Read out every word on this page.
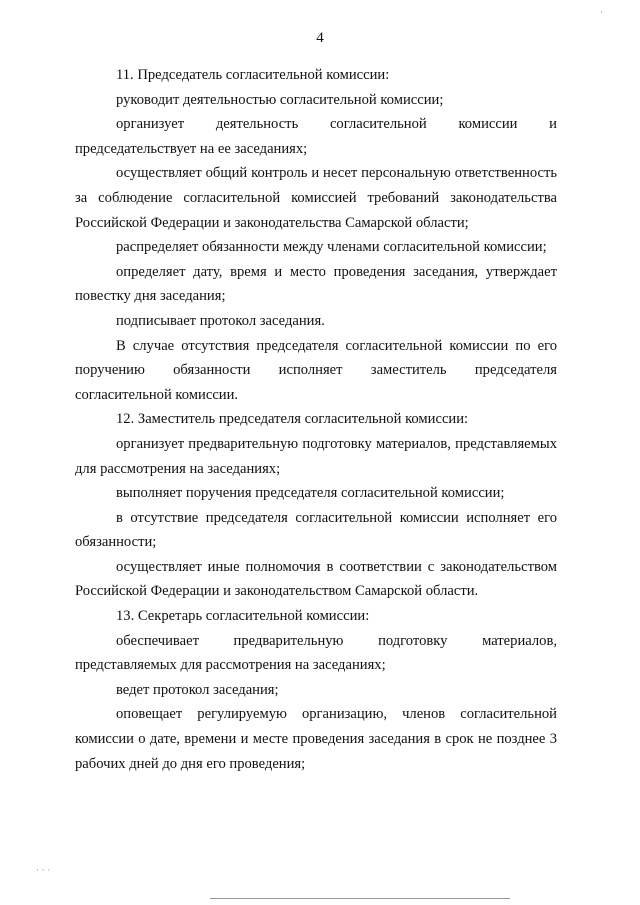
4

11. Председатель согласительной комиссии:

руководит деятельностью согласительной комиссии;

организует деятельность согласительной комиссии и председательствует на ее заседаниях;

осуществляет общий контроль и несет персональную ответственность за соблюдение согласительной комиссией требований законодательства Российской Федерации и законодательства Самарской области;

распределяет обязанности между членами согласительной комиссии;

определяет дату, время и место проведения заседания, утверждает повестку дня заседания;

подписывает протокол заседания.

В случае отсутствия председателя согласительной комиссии по его поручению обязанности исполняет заместитель председателя согласительной комиссии.

12. Заместитель председателя согласительной комиссии:

организует предварительную подготовку материалов, представляемых для рассмотрения на заседаниях;

выполняет поручения председателя согласительной комиссии;

в отсутствие председателя согласительной комиссии исполняет его обязанности;

осуществляет иные полномочия в соответствии с законодательством Российской Федерации и законодательством Самарской области.

13. Секретарь согласительной комиссии:

обеспечивает предварительную подготовку материалов, представляемых для рассмотрения на заседаниях;

ведет протокол заседания;

оповещает регулируемую организацию, членов согласительной комиссии о дате, времени и месте проведения заседания в срок не позднее 3 рабочих дней до дня его проведения;

·
· · ·
